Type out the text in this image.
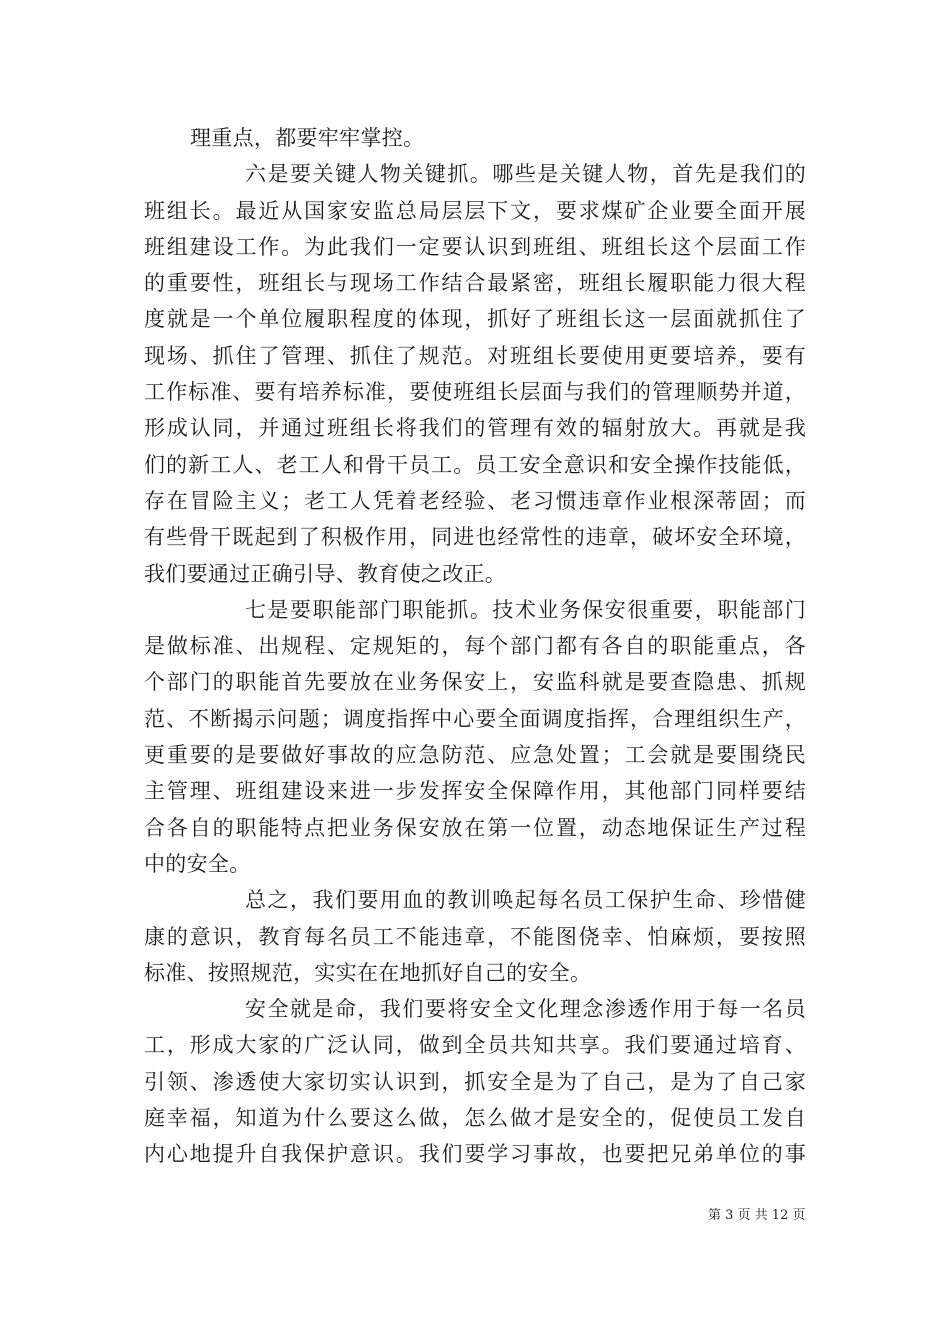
理重点，都要牢牢掌控。
六是要关键人物关键抓。哪些是关键人物，首先是我们的
班组长。最近从国家安监总局层层下文，要求煤矿企业要全面开展
班组建设工作。为此我们一定要认识到班组、班组长这个层面工作
的重要性，班组长与现场工作结合最紧密，班组长履职能力很大程
度就是一个单位履职程度的体现，抓好了班组长这一层面就抓住了
现场、抓住了管理、抓住了规范。对班组长要使用更要培养，要有
工作标准、要有培养标准，要使班组长层面与我们的管理顺势并道，
形成认同，并通过班组长将我们的管理有效的辐射放大。再就是我
们的新工人、老工人和骨干员工。员工安全意识和安全操作技能低，
存在冒险主义；老工人凭着老经验、老习惯违章作业根深蒂固；而
有些骨干既起到了积极作用，同进也经常性的违章，破坏安全环境，
我们要通过正确引导、教育使之改正。
七是要职能部门职能抓。技术业务保安很重要，职能部门
是做标准、出规程、定规矩的，每个部门都有各自的职能重点，各
个部门的职能首先要放在业务保安上，安监科就是要查隐患、抓规
范、不断揭示问题；调度指挥中心要全面调度指挥，合理组织生产，
更重要的是要做好事故的应急防范、应急处置；工会就是要围绕民
主管理、班组建设来进一步发挥安全保障作用，其他部门同样要结
合各自的职能特点把业务保安放在第一位置，动态地保证生产过程
中的安全。
总之，我们要用血的教训唤起每名员工保护生命、珍惜健
康的意识，教育每名员工不能违章，不能图侥幸、怕麻烦，要按照
标准、按照规范，实实在在地抓好自己的安全。
安全就是命，我们要将安全文化理念渗透作用于每一名员
工，形成大家的广泛认同，做到全员共知共享。我们要通过培育、
引领、渗透使大家切实认识到，抓安全是为了自己，是为了自己家
庭幸福，知道为什么要这么做，怎么做才是安全的，促使员工发自
内心地提升自我保护意识。我们要学习事故，也要把兄弟单位的事
第 3 页 共 12 页
